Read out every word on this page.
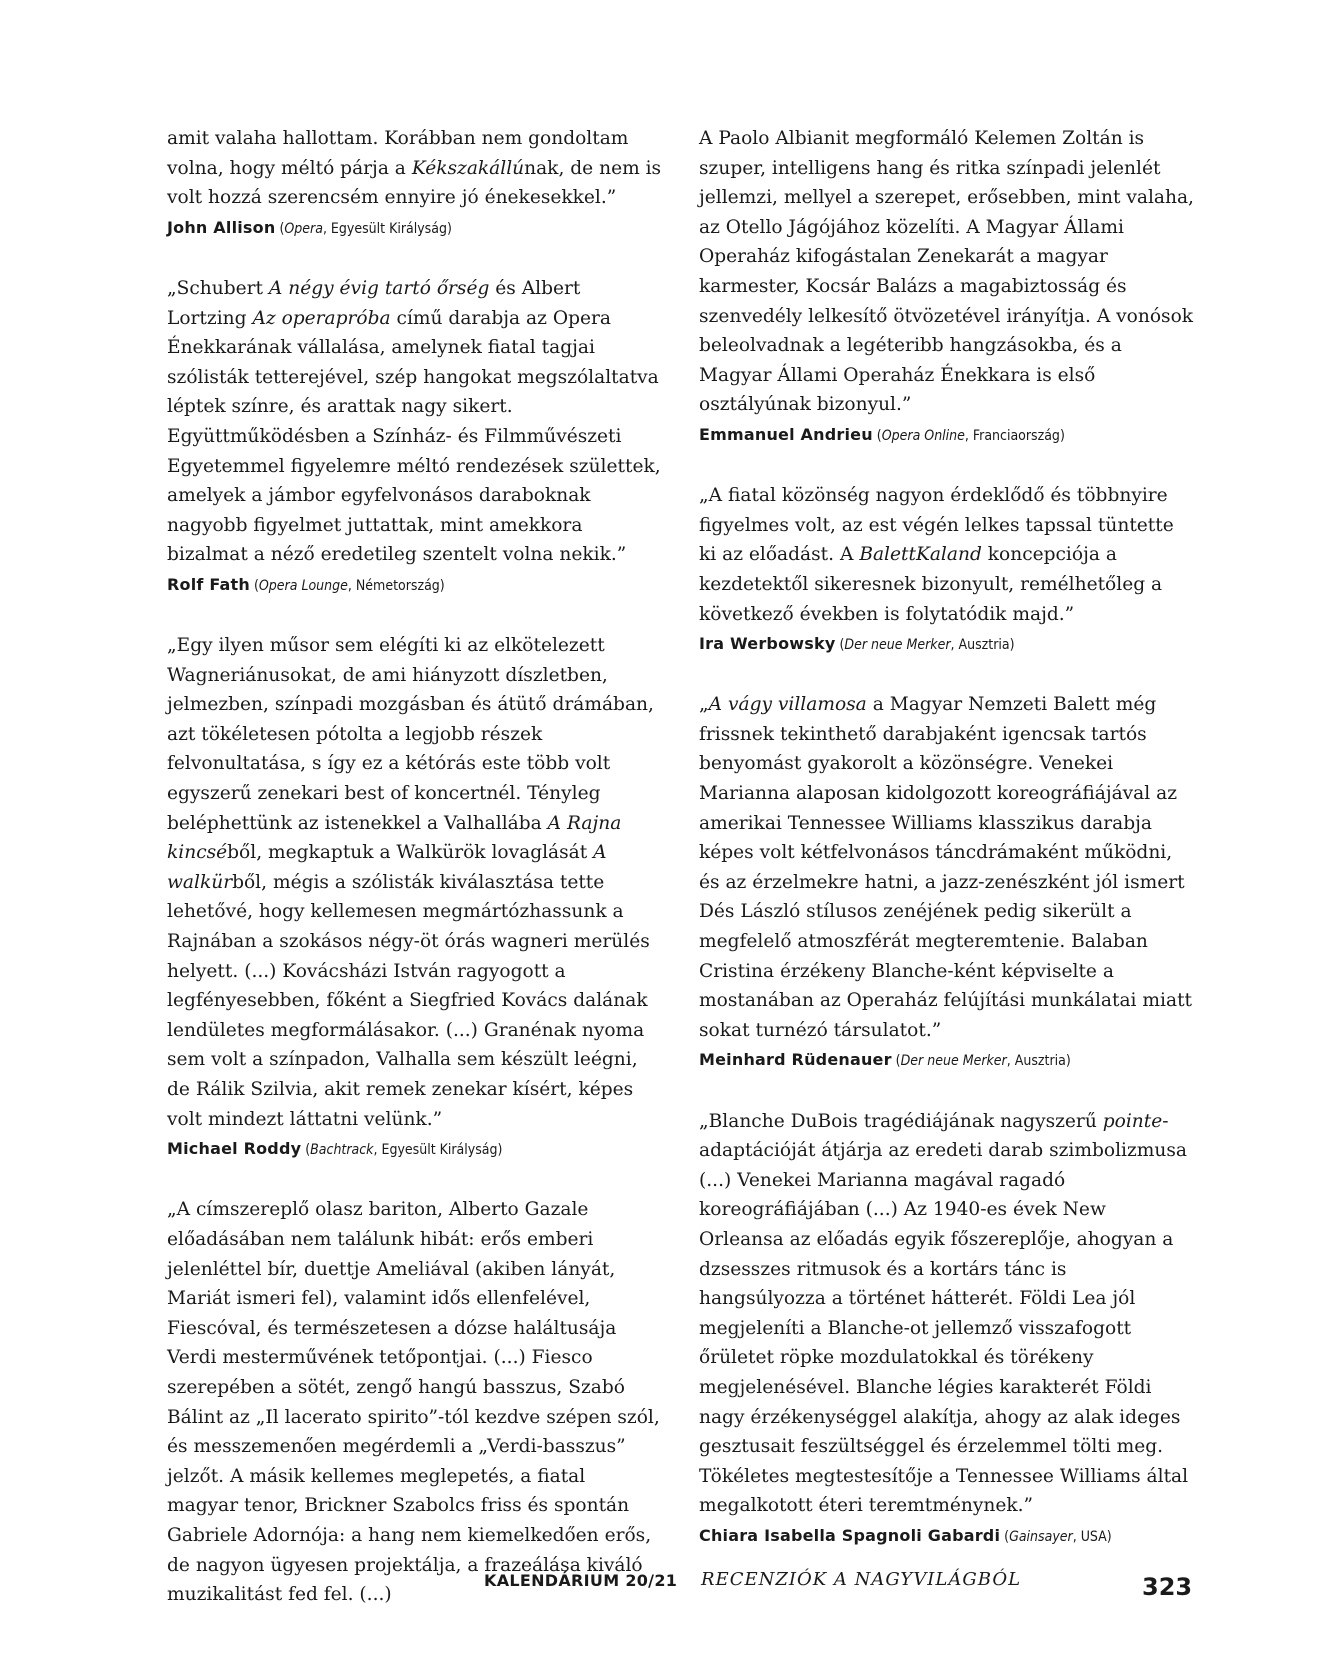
amit valaha hallottam. Korábban nem gondoltam volna, hogy méltó párja a Kékszakállúnak, de nem is volt hozzá szerencsém ennyire jó énekesekkel.”

John Allison (Opera, Egyesült Királyság)

„Schubert A négy évig tartó őrség és Albert Lortzing Az operapróba című darabja az Opera Énekkarának vállalása, amelynek fiatal tagjai szólisták tetterejével, szép hangokat megszólaltatva léptek színre, és arattak nagy sikert. Együttműködésben a Színház- és Filmművészeti Egyetemmel figyelemre méltó rendezések születtek, amelyek a jámbor egyfelvonásos daraboknak nagyobb figyelmet juttattak, mint amekkora bizalmat a néző eredetileg szentelt volna nekik.”

Rolf Fath (Opera Lounge, Németország)

„Egy ilyen műsor sem elégíti ki az elkötelezett Wagneriánusokat, de ami hiányzott díszletben, jelmezben, színpadi mozgásban és átütő drámában, azt tökéletesen pótolta a legjobb részek felvonultatása, s így ez a kétórás este több volt egyszerű zenekari best of koncertnél. Tényleg beléphettünk az istenekkel a Valhallába A Rajna kincséből, megkaptuk a Walkürök lovaglását A walkürből, mégis a szólisták kiválasztása tette lehetővé, hogy kellemesen megmártózhassunk a Rajnában a szokásos négy-öt órás wagneri merülés helyett. (...) Kovácsházi István ragyogott a legfényesebben, főként a Siegfried Kovács dalának lendületes megformálásakor. (...) Granénak nyoma sem volt a színpadon, Valhalla sem készült leégni, de Rálik Szilvia, akit remek zenekar kísért, képes volt mindezt láttatni velünk.”

Michael Roddy (Bachtrack, Egyesült Királyság)

„A címszereplő olasz bariton, Alberto Gazale előadásában nem találunk hibát: erős emberi jelenléttel bír, duettje Ameliával (akiben lányát, Mariát ismeri fel), valamint idős ellenfelével, Fiescóval, és természetesen a dózse haláltusája Verdi mesterművének tetőpontjai. (...) Fiesco szerepében a sötét, zengő hangú basszus, Szabó Bálint az „Il lacerato spirito”-tól kezdve szépen szól, és messzemenően megérdemli a „Verdi-basszus” jelzőt. A másik kellemes meglepetés, a fiatal magyar tenor, Brickner Szabolcs friss és spontán Gabriele Adornója: a hang nem kiemelkedően erős, de nagyon ügyesen projektálja, a frazeálása kiváló muzikalitást fed fel. (...)

A Paolo Albianit megformáló Kelemen Zoltán is szuper, intelligens hang és ritka színpadi jelenlét jellemzi, mellyel a szerepet, erősebben, mint valaha, az Otello Jágójához közelíti. A Magyar Állami Operaház kifogástalan Zenekarát a magyar karmester, Kocsár Balázs a magabiztosság és szenvedély lelkesítő ötvözetével irányítja. A vonósok beleolvadnak a legéteribb hangzásokba, és a Magyar Állami Operaház Énekkara is első osztályúnak bizonyul.”

Emmanuel Andrieu (Opera Online, Franciaország)

„A fiatal közönség nagyon érdeklődő és többnyire figyelmes volt, az est végén lelkes tapssal tüntette ki az előadást. A BalettKaland koncepciója a kezdetektől sikeresnek bizonyult, remélhetőleg a következő években is folytatódik majd.”

Ira Werbowsky (Der neue Merker, Ausztria)

„A vágy villamosa a Magyar Nemzeti Balett még frissnek tekinthető darabjaként igencsak tartós benyomást gyakorolt a közönségre. Venekei Marianna alaposan kidolgozott koreográfiájával az amerikai Tennessee Williams klasszikus darabja képes volt kétfelvonásos táncdrámaként működni, és az érzelmekre hatni, a jazz-zenészként jól ismert Dés László stílusos zenéjének pedig sikerült a megfelelő atmoszférát megteremtenie. Balaban Cristina érzékeny Blanche-ként képviselte a mostanában az Operaház felújítási munkálatai miatt sokat turnézó társulatot.”

Meinhard Rüdenauer (Der neue Merker, Ausztria)

„Blanche DuBois tragédiájának nagyszerű pointe-adaptációját átjárja az eredeti darab szimbolizmusa (...) Venekei Marianna magával ragadó koreográfiájában (...) Az 1940-es évek New Orleansa az előadás egyik főszereplője, ahogyan a dzsesszes ritmusok és a kortárs tánc is hangsúlyozza a történet hátterét. Földi Lea jól megjeleníti a Blanche-ot jellemző visszafogott őrületet röpke mozdulatokkal és törékeny megjelenésével. Blanche légies karakterét Földi nagy érzékenységgel alakítja, ahogy az alak ideges gesztusait feszültséggel és érzelemmel tölti meg. Tökéletes megtestesítője a Tennessee Williams által megalkotott éteri teremtménynek.”

Chiara Isabella Spagnoli Gabardi (Gainsayer, USA)

KALENDÁRIUM 20/21 RECENZIÓK A NAGYVILÁGBÓL	323
